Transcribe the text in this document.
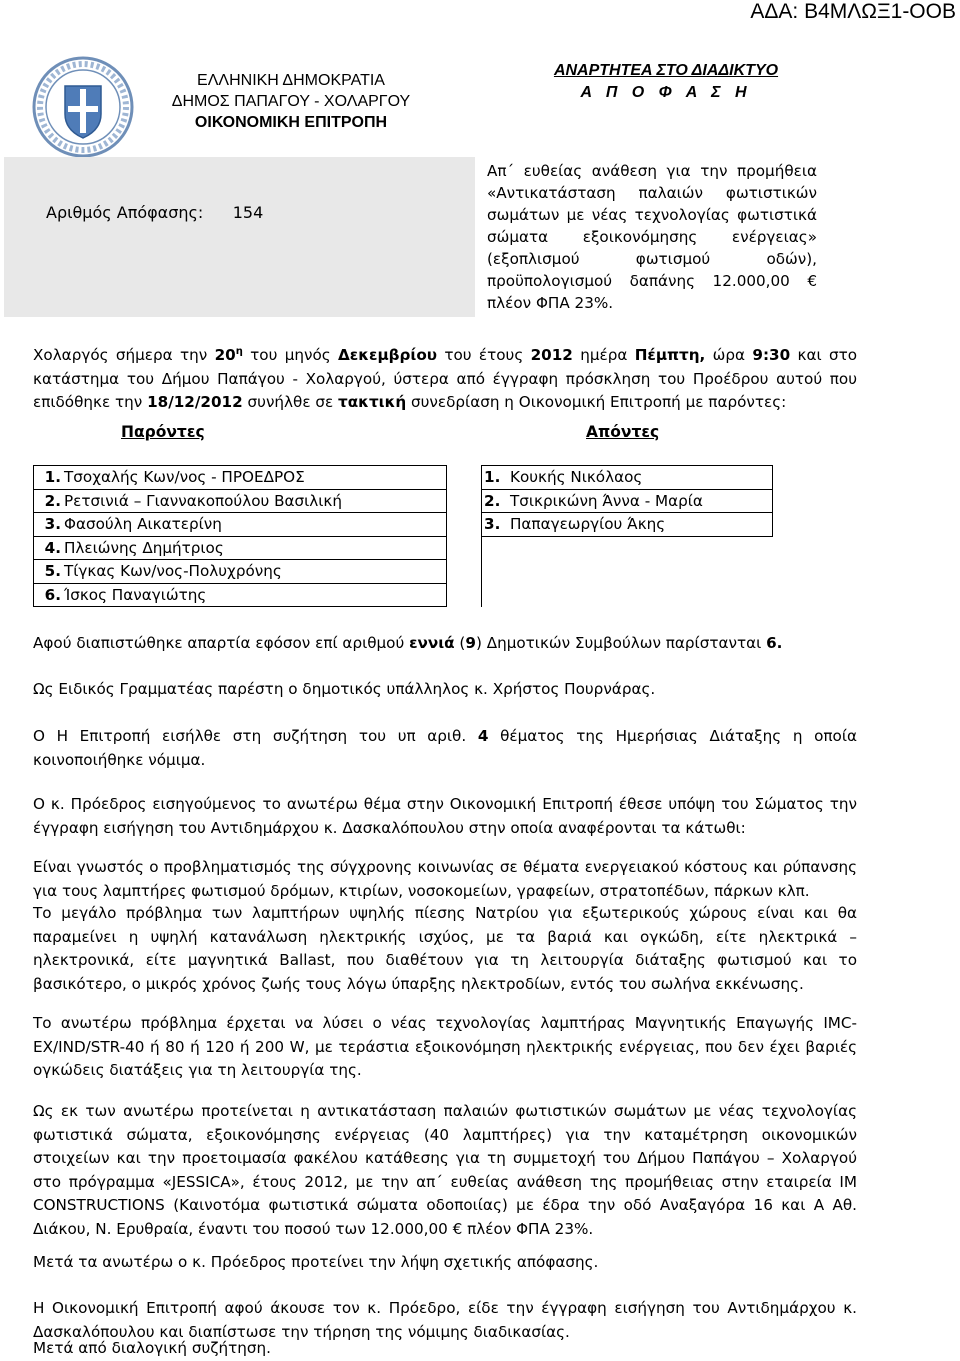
ΑΔΑ: Β4ΜΛΩΞ1-ΟΟΒ
ΕΛΛΗΝΙΚΗ ΔΗΜΟΚΡΑΤΙΑ
ΔΗΜΟΣ ΠΑΠΑΓΟΥ - ΧΟΛΑΡΓΟΥ
ΟΙΚΟΝΟΜΙΚΗ ΕΠΙΤΡΟΠΗ
ΑΝΑΡΤΗΤΕΑ ΣΤΟ ΔΙΑΔΙΚΤΥΟ
Α Π Ο Φ Α Σ Η
Αριθμός Απόφασης: 154
Απ΄ ευθείας ανάθεση για την προμήθεια «Αντικατάσταση παλαιών φωτιστικών σωμάτων με νέας τεχνολογίας φωτιστικά σώματα εξοικονόμησης ενέργειας» (εξοπλισμού φωτισμού οδών), προϋπολογισμού δαπάνης 12.000,00 € πλέον ΦΠΑ 23%.
Χολαργός σήμερα την $20^\eta$ του μηνός Δεκεμβρίου του έτους 2012 ημέρα Πέμπτη, ώρα 9:30 και στο κατάστημα του Δήμου Παπάγου - Χολαργού, ύστερα από έγγραφη πρόσκληση του Προέδρου αυτού που επιδόθηκε την 18/12/2012 συνήλθε σε τακτική συνεδρίαση η Οικονομική Επιτροπή με παρόντες:
Παρόντες	Απόντες
1.	Τσοχαλής Κων/νος - ΠΡΟΕΔΡΟΣ		1.	Κουκής Νικόλαος
2.	Ρετσινιά – Γιαννακοπούλου Βασιλική		2.	Τσικρικώνη Άννα - Μαρία
3.	Φασούλη Αικατερίνη		3.	Παπαγεωργίου Άκης
4.	Πλειώνης Δημήτριος			
5.	Τίγκας Κων/νος-Πολυχρόνης			
6.	Ίσκος Παναγιώτης			
Αφού διαπιστώθηκε απαρτία εφόσον επί αριθμού εννιά (9) Δημοτικών Συμβούλων παρίστανται 6.
Ως Ειδικός Γραμματέας παρέστη ο δημοτικός υπάλληλος κ. Χρήστος Πουρνάρας.
Ο Η Επιτροπή εισήλθε στη συζήτηση του υπ αριθ. 4 θέματος της Ημερήσιας Διάταξης η οποία κοινοποιήθηκε νόμιμα.
Ο κ. Πρόεδρος εισηγούμενος το ανωτέρω θέμα στην Οικονομική Επιτροπή έθεσε υπόψη του Σώματος την έγγραφη εισήγηση του Αντιδημάρχου κ. Δασκαλόπουλου στην οποία αναφέρονται τα κάτωθι:
Είναι γνωστός ο προβληματισμός της σύγχρονης κοινωνίας σε θέματα ενεργειακού κόστους και ρύπανσης για τους λαμπτήρες φωτισμού δρόμων, κτιρίων, νοσοκομείων, γραφείων, στρατοπέδων, πάρκων κλπ.
Το μεγάλο πρόβλημα των λαμπτήρων υψηλής πίεσης Νατρίου για εξωτερικούς χώρους είναι και θα παραμείνει η υψηλή κατανάλωση ηλεκτρικής ισχύος, με τα βαριά και ογκώδη, είτε ηλεκτρικά – ηλεκτρονικά, είτε μαγνητικά Ballast, που διαθέτουν για τη λειτουργία διάταξης φωτισμού και το βασικότερο, ο μικρός χρόνος ζωής τους λόγω ύπαρξης ηλεκτροδίων, εντός του σωλήνα εκκένωσης.
Το ανωτέρω πρόβλημα έρχεται να λύσει ο νέας τεχνολογίας λαμπτήρας Μαγνητικής Επαγωγής IMC-EX/IND/STR-40 ή 80 ή 120 ή 200 W, με τεράστια εξοικονόμηση ηλεκτρικής ενέργειας, που δεν έχει βαριές ογκώδεις διατάξεις για τη λειτουργία της.
Ως εκ των ανωτέρω προτείνεται η αντικατάσταση παλαιών φωτιστικών σωμάτων με νέας τεχνολογίας φωτιστικά σώματα, εξοικονόμησης ενέργειας (40 λαμπτήρες) για την καταμέτρηση οικονομικών στοιχείων και την προετοιμασία φακέλου κατάθεσης για τη συμμετοχή του Δήμου Παπάγου – Χολαργού στο πρόγραμμα «JESSICA», έτους 2012, με την απ΄ ευθείας ανάθεση της προμήθειας στην εταιρεία IM CONSTRUCTIONS (Καινοτόμα φωτιστικά σώματα οδοποιίας) με έδρα την οδό Αναξαγόρα 16 και Α Αθ. Διάκου, Ν. Ερυθραία, έναντι του ποσού των 12.000,00 € πλέον ΦΠΑ 23%.
Μετά τα ανωτέρω ο κ. Πρόεδρος προτείνει την λήψη σχετικής απόφασης.
Η Οικονομική Επιτροπή αφού άκουσε τον κ. Πρόεδρο, είδε την έγγραφη εισήγηση του Αντιδημάρχου κ. Δασκαλόπουλου και διαπίστωσε την τήρηση της νόμιμης διαδικασίας.
Μετά από διαλογική συζήτηση.
